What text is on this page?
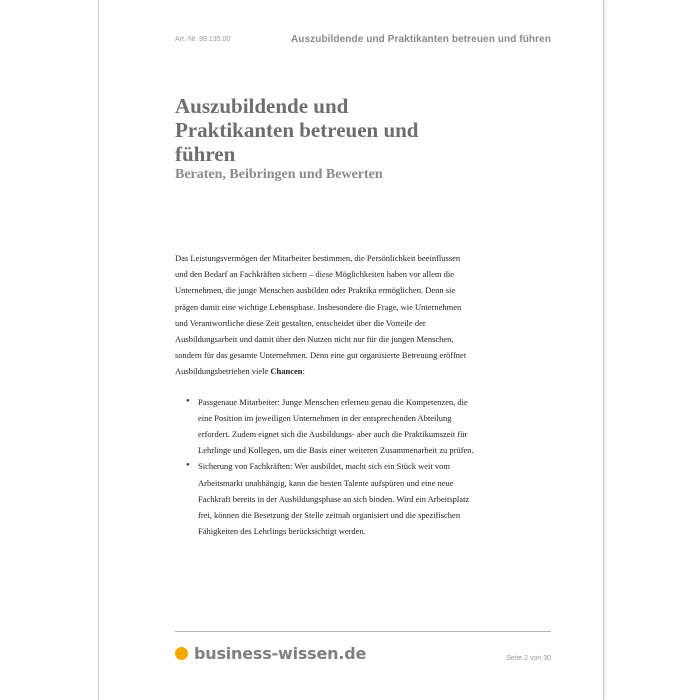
Art.-Nr. 99.135.00	Auszubildende und Praktikanten betreuen und führen
Auszubildende und
Praktikanten betreuen und
führen
Beraten, Beibringen und Bewerten

Das Leistungsvermögen der Mitarbeiter bestimmen, die Persönlichkeit beeinflussen und den Bedarf an Fachkräften sichern – diese Möglichkeiten haben vor allem die Unternehmen, die junge Menschen ausbilden oder Praktika ermöglichen. Denn sie prägen damit eine wichtige Lebensphase. Insbesondere die Frage, wie Unternehmen und Verantwortliche diese Zeit gestalten, entscheidet über die Vorteile der Ausbildungsarbeit und damit über den Nutzen nicht nur für die jungen Menschen, sondern für das gesamte Unternehmen. Denn eine gut organisierte Betreuung eröffnet Ausbildungsbetrieben viele Chancen:

• Passgenaue Mitarbeiter: Junge Menschen erlernen genau die Kompetenzen, die eine Position im jeweiligen Unternehmen in der entsprechenden Abteilung erfordert. Zudem eignet sich die Ausbildungs- aber auch die Praktikumszeit für Lehrlinge und Kollegen, um die Basis einer weiteren Zusammenarbeit zu prüfen.
• Sicherung von Fachkräften: Wer ausbildet, macht sich ein Stück weit vom Arbeitsmarkt unabhängig, kann die besten Talente aufspüren und eine neue Fachkraft bereits in der Ausbildungsphase an sich binden. Wird ein Arbeitsplatz frei, können die Besetzung der Stelle zeitnah organisiert und die spezifischen Fähigkeiten des Lehrlings berücksichtigt werden.
business-wissen.de	Seite 2 von 30
